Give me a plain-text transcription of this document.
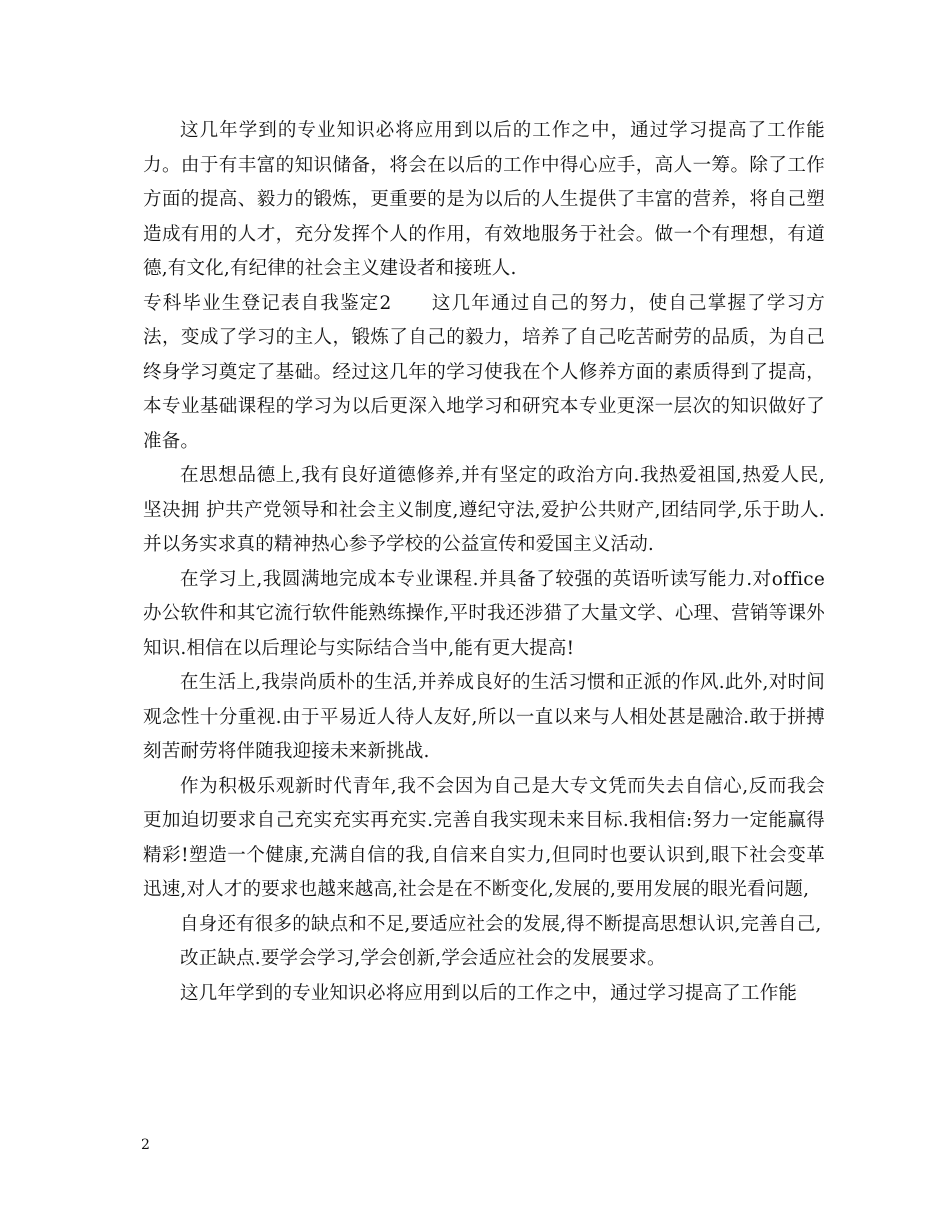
这几年学到的专业知识必将应用到以后的工作之中，通过学习提高了工作能力。由于有丰富的知识储备，将会在以后的工作中得心应手，高人一筹。除了工作方面的提高、毅力的锻炼，更重要的是为以后的人生提供了丰富的营养，将自己塑造成有用的人才，充分发挥个人的作用，有效地服务于社会。做一个有理想，有道德,有文化,有纪律的社会主义建设者和接班人.

专科毕业生登记表自我鉴定2　　这几年通过自己的努力，使自己掌握了学习方法，变成了学习的主人，锻炼了自己的毅力，培养了自己吃苦耐劳的品质，为自己终身学习奠定了基础。经过这几年的学习使我在个人修养方面的素质得到了提高，本专业基础课程的学习为以后更深入地学习和研究本专业更深一层次的知识做好了准备。

在思想品德上,我有良好道德修养,并有坚定的政治方向.我热爱祖国,热爱人民,坚决拥 护共产党领导和社会主义制度,遵纪守法,爱护公共财产,团结同学,乐于助人.并以务实求真的精神热心参予学校的公益宣传和爱国主义活动.

在学习上,我圆满地完成本专业课程.并具备了较强的英语听读写能力.对office办公软件和其它流行软件能熟练操作,平时我还涉猎了大量文学、心理、营销等课外知识.相信在以后理论与实际结合当中,能有更大提高!

在生活上,我崇尚质朴的生活,并养成良好的生活习惯和正派的作风.此外,对时间观念性十分重视.由于平易近人待人友好,所以一直以来与人相处甚是融洽.敢于拼搏刻苦耐劳将伴随我迎接未来新挑战.

作为积极乐观新时代青年,我不会因为自己是大专文凭而失去自信心,反而我会更加迫切要求自己充实充实再充实.完善自我实现未来目标.我相信:努力一定能赢得精彩!塑造一个健康,充满自信的我,自信来自实力,但同时也要认识到,眼下社会变革迅速,对人才的要求也越来越高,社会是在不断变化,发展的,要用发展的眼光看问题,

自身还有很多的缺点和不足,要适应社会的发展,得不断提高思想认识,完善自己,

改正缺点.要学会学习,学会创新,学会适应社会的发展要求。

这几年学到的专业知识必将应用到以后的工作之中，通过学习提高了工作能

2
